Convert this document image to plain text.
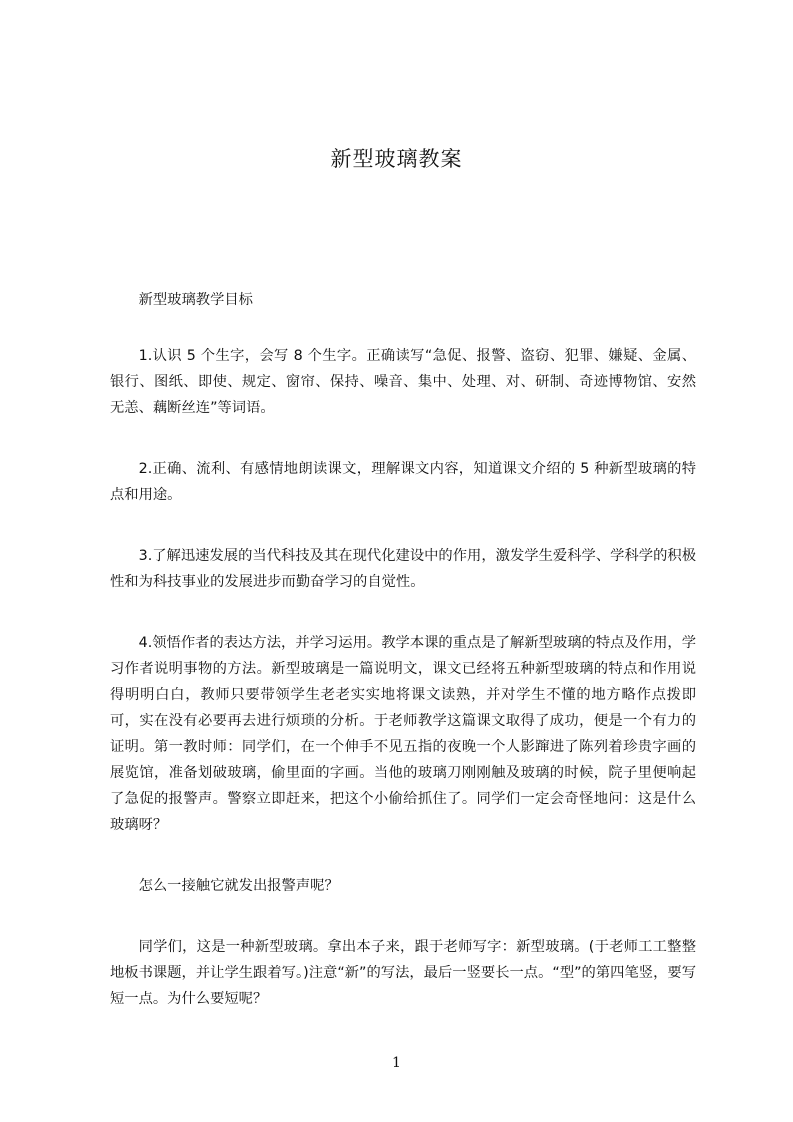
新型玻璃教案

新型玻璃教学目标

1.认识 5 个生字，会写 8 个生字。正确读写“急促、报警、盗窃、犯罪、嫌疑、金属、银行、图纸、即使、规定、窗帘、保持、噪音、集中、处理、对、研制、奇迹博物馆、安然无恙、藕断丝连”等词语。

2.正确、流利、有感情地朗读课文，理解课文内容，知道课文介绍的 5 种新型玻璃的特点和用途。

3.了解迅速发展的当代科技及其在现代化建设中的作用，激发学生爱科学、学科学的积极性和为科技事业的发展进步而勤奋学习的自觉性。

4.领悟作者的表达方法，并学习运用。教学本课的重点是了解新型玻璃的特点及作用，学习作者说明事物的方法。新型玻璃是一篇说明文，课文已经将五种新型玻璃的特点和作用说得明明白白，教师只要带领学生老老实实地将课文读熟，并对学生不懂的地方略作点拨即可，实在没有必要再去进行烦琐的分析。于老师教学这篇课文取得了成功，便是一个有力的证明。第一教时师：同学们，在一个伸手不见五指的夜晚一个人影蹿进了陈列着珍贵字画的展览馆，准备划破玻璃，偷里面的字画。当他的玻璃刀刚刚触及玻璃的时候，院子里便响起了急促的报警声。警察立即赶来，把这个小偷给抓住了。同学们一定会奇怪地问：这是什么玻璃呀？

怎么一接触它就发出报警声呢？

同学们，这是一种新型玻璃。拿出本子来，跟于老师写字：新型玻璃。(于老师工工整整地板书课题，并让学生跟着写。)注意“新”的写法，最后一竖要长一点。“型”的第四笔竖，要写短一点。为什么要短呢？

1
